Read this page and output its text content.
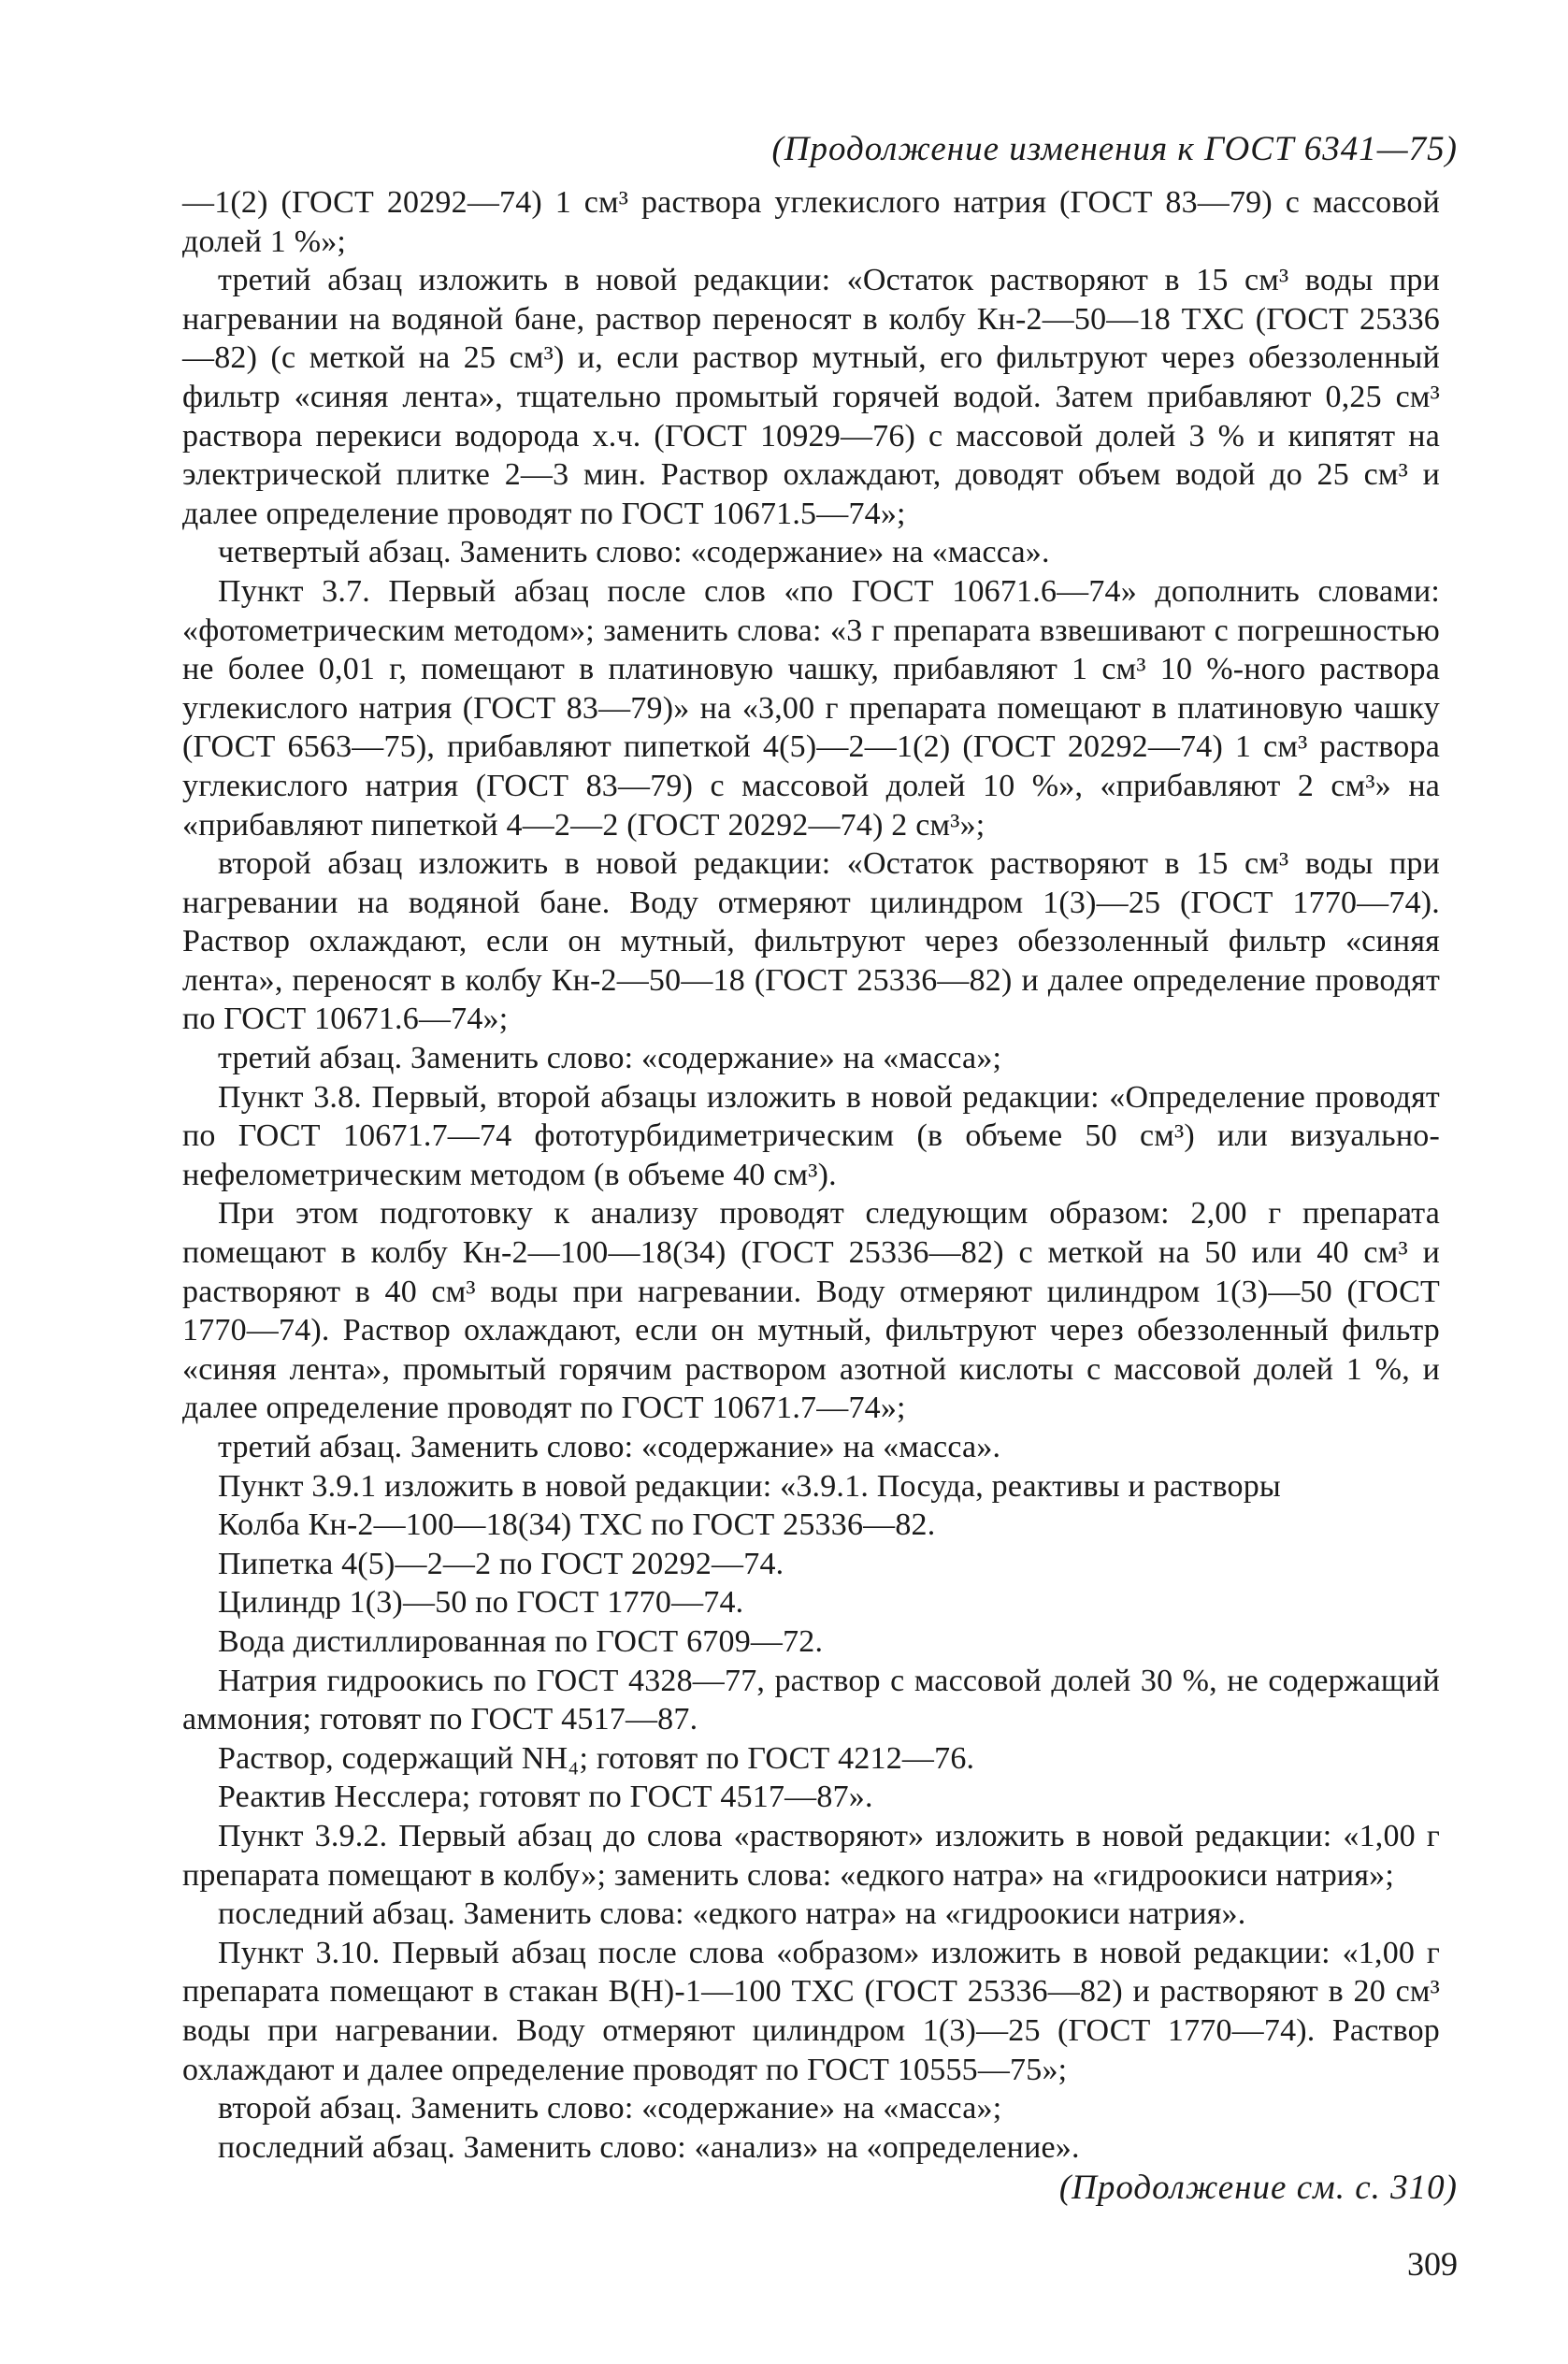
(Продолжение изменения к ГОСТ 6341—75)

—1(2) (ГОСТ 20292—74) 1 см³ раствора углекислого натрия (ГОСТ 83—79) с массовой долей 1 %»;

третий абзац изложить в новой редакции: «Остаток растворяют в 15 см³ воды при нагревании на водяной бане, раствор переносят в колбу Кн-2—50—18 ТХС (ГОСТ 25336—82) (с меткой на 25 см³) и, если раствор мутный, его фильтруют через обеззоленный фильтр «синяя лента», тщательно промытый горячей водой. Затем прибавляют 0,25 см³ раствора перекиси водорода х.ч. (ГОСТ 10929—76) с массовой долей 3 % и кипятят на электрической плитке 2—3 мин. Раствор охлаждают, доводят объем водой до 25 см³ и далее определение проводят по ГОСТ 10671.5—74»;

четвертый абзац. Заменить слово: «содержание» на «масса».

Пункт 3.7. Первый абзац после слов «по ГОСТ 10671.6—74» дополнить словами: «фотометрическим методом»; заменить слова: «3 г препарата взвешивают с погрешностью не более 0,01 г, помещают в платиновую чашку, прибавляют 1 см³ 10 %-ного раствора углекислого натрия (ГОСТ 83—79)» на «3,00 г препарата помещают в платиновую чашку (ГОСТ 6563—75), прибавляют пипеткой 4(5)—2—1(2) (ГОСТ 20292—74) 1 см³ раствора углекислого натрия (ГОСТ 83—79) с массовой долей 10 %», «прибавляют 2 см³» на «прибавляют пипеткой 4—2—2 (ГОСТ 20292—74) 2 см³»;

второй абзац изложить в новой редакции: «Остаток растворяют в 15 см³ воды при нагревании на водяной бане. Воду отмеряют цилиндром 1(3)—25 (ГОСТ 1770—74). Раствор охлаждают, если он мутный, фильтруют через обеззоленный фильтр «синяя лента», переносят в колбу Кн-2—50—18 (ГОСТ 25336—82) и далее определение проводят по ГОСТ 10671.6—74»;

третий абзац. Заменить слово: «содержание» на «масса»;

Пункт 3.8. Первый, второй абзацы изложить в новой редакции: «Определение проводят по ГОСТ 10671.7—74 фототурбидиметрическим (в объеме 50 см³) или визуально-нефелометрическим методом (в объеме 40 см³).

При этом подготовку к анализу проводят следующим образом: 2,00 г препарата помещают в колбу Кн-2—100—18(34) (ГОСТ 25336—82) с меткой на 50 или 40 см³ и растворяют в 40 см³ воды при нагревании. Воду отмеряют цилиндром 1(3)—50 (ГОСТ 1770—74). Раствор охлаждают, если он мутный, фильтруют через обеззоленный фильтр «синяя лента», промытый горячим раствором азотной кислоты с массовой долей 1 %, и далее определение проводят по ГОСТ 10671.7—74»;

третий абзац. Заменить слово: «содержание» на «масса».

Пункт 3.9.1 изложить в новой редакции: «3.9.1. Посуда, реактивы и растворы

Колба Кн-2—100—18(34) ТХС по ГОСТ 25336—82.

Пипетка 4(5)—2—2 по ГОСТ 20292—74.

Цилиндр 1(3)—50 по ГОСТ 1770—74.

Вода дистиллированная по ГОСТ 6709—72.

Натрия гидроокись по ГОСТ 4328—77, раствор с массовой долей 30 %, не содержащий аммония; готовят по ГОСТ 4517—87.

Раствор, содержащий NH₄; готовят по ГОСТ 4212—76.

Реактив Несслера; готовят по ГОСТ 4517—87».

Пункт 3.9.2. Первый абзац до слова «растворяют» изложить в новой редакции: «1,00 г препарата помещают в колбу»; заменить слова: «едкого натра» на «гидроокиси натрия»;

последний абзац. Заменить слова: «едкого натра» на «гидроокиси натрия».

Пункт 3.10. Первый абзац после слова «образом» изложить в новой редакции: «1,00 г препарата помещают в стакан В(Н)-1—100 ТХС (ГОСТ 25336—82) и растворяют в 20 см³ воды при нагревании. Воду отмеряют цилиндром 1(3)—25 (ГОСТ 1770—74). Раствор охлаждают и далее определение проводят по ГОСТ 10555—75»;

второй абзац. Заменить слово: «содержание» на «масса»;

последний абзац. Заменить слово: «анализ» на «определение».

(Продолжение см. с. 310)
309
